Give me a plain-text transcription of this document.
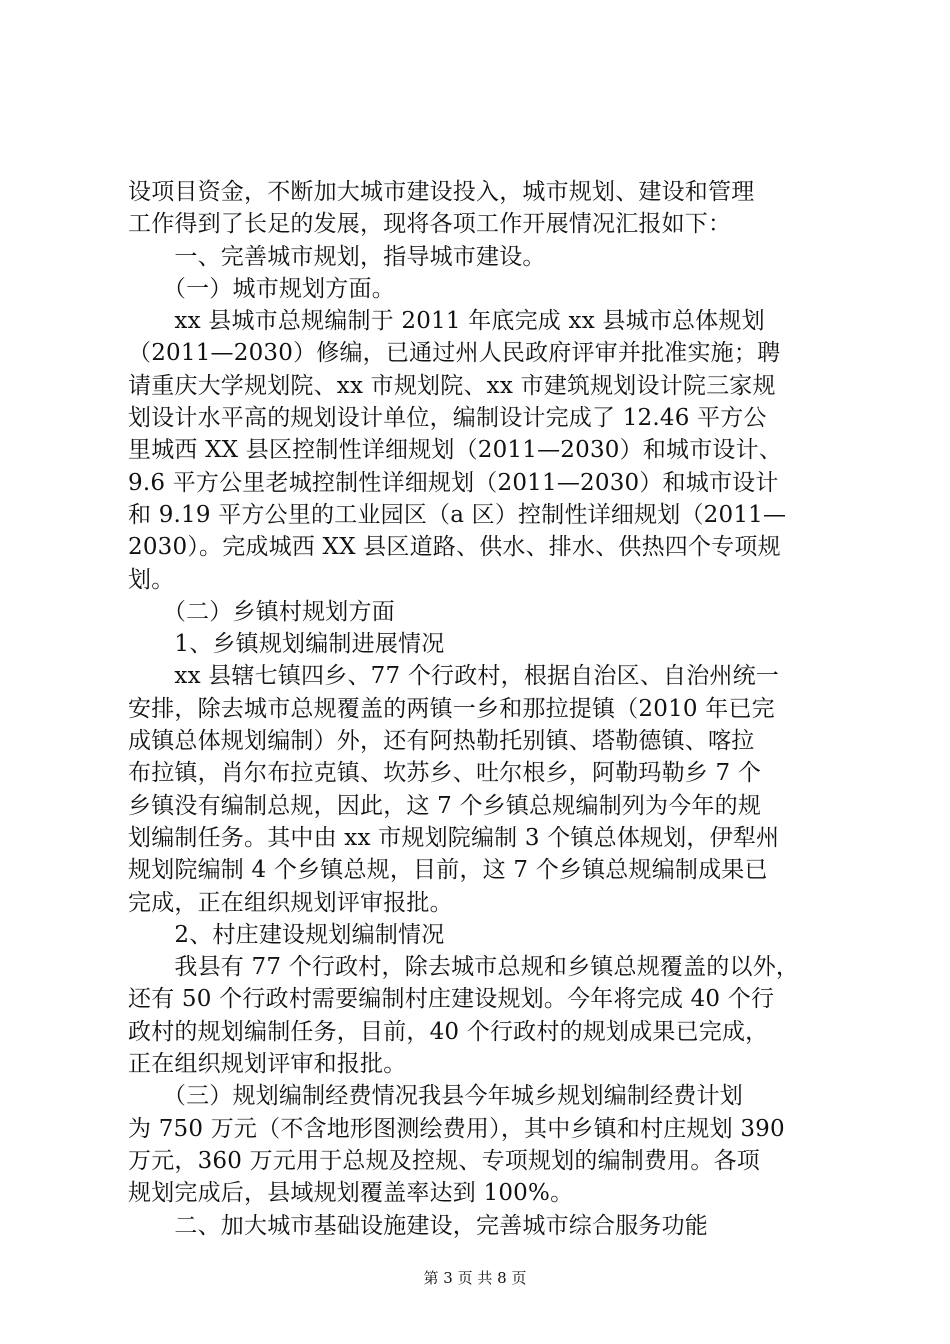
设项目资金，不断加大城市建设投入，城市规划、建设和管理
工作得到了长足的发展，现将各项工作开展情况汇报如下：
　　一、完善城市规划，指导城市建设。
　　（一）城市规划方面。
　　xx 县城市总规编制于 2011 年底完成 xx 县城市总体规划
（2011—2030）修编，已通过州人民政府评审并批准实施；聘
请重庆大学规划院、xx 市规划院、xx 市建筑规划设计院三家规
划设计水平高的规划设计单位，编制设计完成了 12.46 平方公
里城西 XX 县区控制性详细规划（2011—2030）和城市设计、
9.6 平方公里老城控制性详细规划（2011—2030）和城市设计
和 9.19 平方公里的工业园区（a 区）控制性详细规划（2011—
2030）。完成城西 XX 县区道路、供水、排水、供热四个专项规
划。
　　（二）乡镇村规划方面
　　1、乡镇规划编制进展情况
　　xx 县辖七镇四乡、77 个行政村，根据自治区、自治州统一
安排，除去城市总规覆盖的两镇一乡和那拉提镇（2010 年已完
成镇总体规划编制）外，还有阿热勒托别镇、塔勒德镇、喀拉
布拉镇，肖尔布拉克镇、坎苏乡、吐尔根乡，阿勒玛勒乡 7 个
乡镇没有编制总规，因此，这 7 个乡镇总规编制列为今年的规
划编制任务。其中由 xx 市规划院编制 3 个镇总体规划，伊犁州
规划院编制 4 个乡镇总规，目前，这 7 个乡镇总规编制成果已
完成，正在组织规划评审报批。
　　2、村庄建设规划编制情况
　　我县有 77 个行政村，除去城市总规和乡镇总规覆盖的以外，
还有 50 个行政村需要编制村庄建设规划。今年将完成 40 个行
政村的规划编制任务，目前，40 个行政村的规划成果已完成，
正在组织规划评审和报批。
　　（三）规划编制经费情况我县今年城乡规划编制经费计划
为 750 万元（不含地形图测绘费用），其中乡镇和村庄规划 390
万元，360 万元用于总规及控规、专项规划的编制费用。各项
规划完成后，县域规划覆盖率达到 100%。
　　二、加大城市基础设施建设，完善城市综合服务功能
第 3 页 共 8 页
